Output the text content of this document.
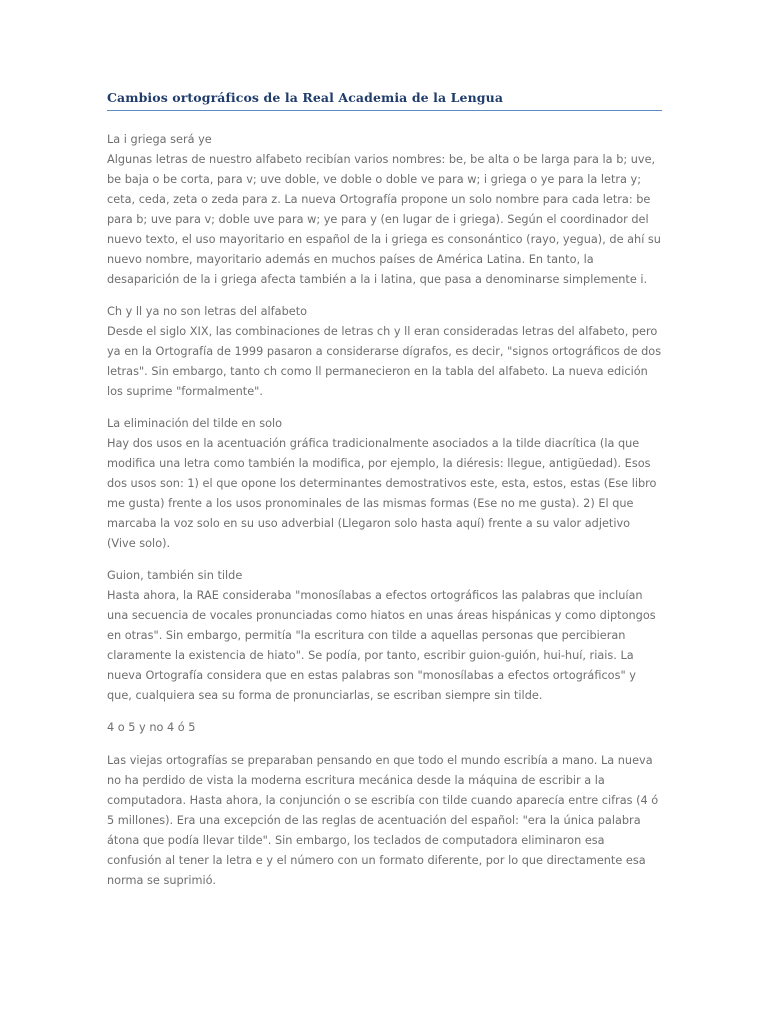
Cambios ortográficos de la Real Academia de la Lengua
La i griega será ye
Algunas letras de nuestro alfabeto recibían varios nombres: be, be alta o be larga para la b; uve, be baja o be corta, para v; uve doble, ve doble o doble ve para w; i griega o ye para la letra y; ceta, ceda, zeta o zeda para z. La nueva Ortografía propone un solo nombre para cada letra: be para b; uve para v; doble uve para w; ye para y (en lugar de i griega). Según el coordinador del nuevo texto, el uso mayoritario en español de la i griega es consonántico (rayo, yegua), de ahí su nuevo nombre, mayoritario además en muchos países de América Latina. En tanto, la desaparición de la i griega afecta también a la i latina, que pasa a denominarse simplemente i.
Ch y ll ya no son letras del alfabeto
Desde el siglo XIX, las combinaciones de letras ch y ll eran consideradas letras del alfabeto, pero ya en la Ortografía de 1999 pasaron a considerarse dígrafos, es decir, "signos ortográficos de dos letras". Sin embargo, tanto ch como ll permanecieron en la tabla del alfabeto. La nueva edición los suprime "formalmente".
La eliminación del tilde en solo
Hay dos usos en la acentuación gráfica tradicionalmente asociados a la tilde diacrítica (la que modifica una letra como también la modifica, por ejemplo, la diéresis: llegue, antigüedad). Esos dos usos son: 1) el que opone los determinantes demostrativos este, esta, estos, estas (Ese libro me gusta) frente a los usos pronominales de las mismas formas (Ese no me gusta). 2) El que marcaba la voz solo en su uso adverbial (Llegaron solo hasta aquí) frente a su valor adjetivo (Vive solo).
Guion, también sin tilde
Hasta ahora, la RAE consideraba "monosílabas a efectos ortográficos las palabras que incluían una secuencia de vocales pronunciadas como hiatos en unas áreas hispánicas y como diptongos en otras". Sin embargo, permitía "la escritura con tilde a aquellas personas que percibieran claramente la existencia de hiato". Se podía, por tanto, escribir guion-guión, hui-huí, riais. La nueva Ortografía considera que en estas palabras son "monosílabas a efectos ortográficos" y que, cualquiera sea su forma de pronunciarlas, se escriban siempre sin tilde.
4 o 5 y no 4 ó 5
Las viejas ortografías se preparaban pensando en que todo el mundo escribía a mano. La nueva no ha perdido de vista la moderna escritura mecánica desde la máquina de escribir a la computadora. Hasta ahora, la conjunción o se escribía con tilde cuando aparecía entre cifras (4 ó 5 millones). Era una excepción de las reglas de acentuación del español: "era la única palabra átona que podía llevar tilde". Sin embargo, los teclados de computadora eliminaron esa confusión al tener la letra e y el número con un formato diferente, por lo que directamente esa norma se suprimió.
